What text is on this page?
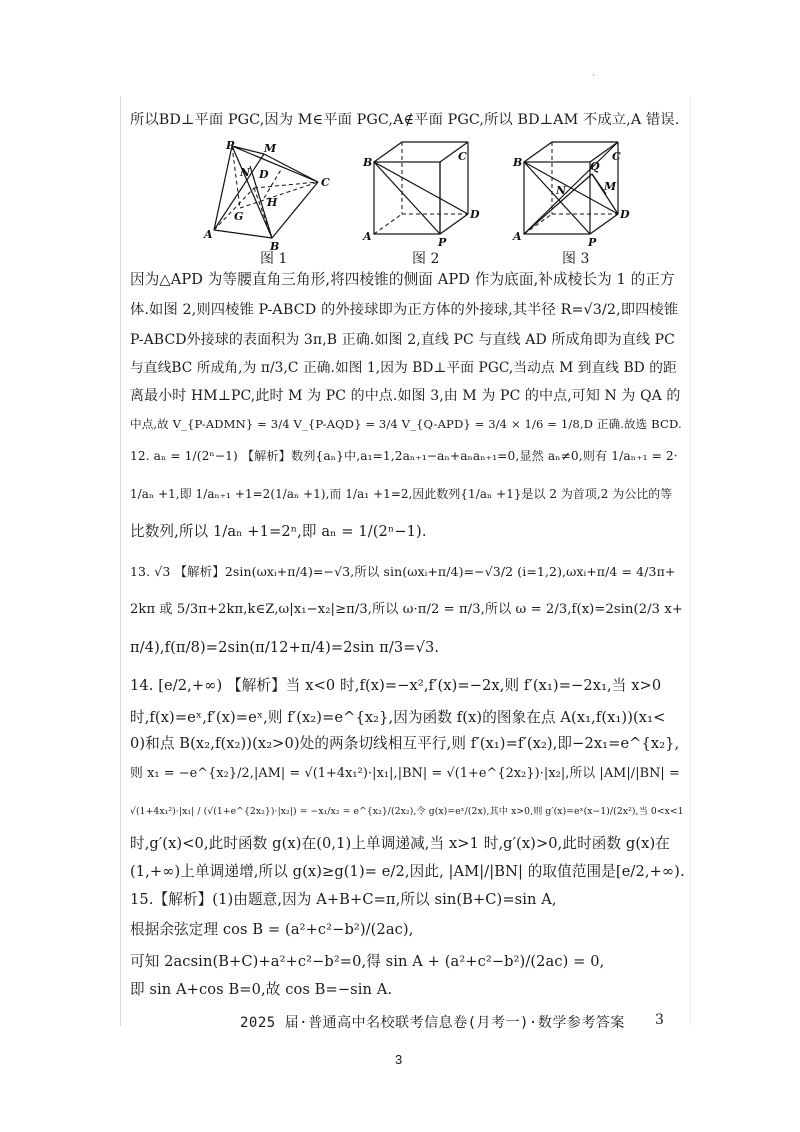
.
所以BD⊥平面 PGC,因为 M∈平面 PGC,A∉平面 PGC,所以 BD⊥AM 不成立,A 错误.
P	M
N D
C
H
G
A
B
图 1
B	C
A
D
P
图 2
B	C
Q
N	M
A
D
P
图 3
因为△APD 为等腰直角三角形,将四棱锥的侧面 APD 作为底面,补成棱长为 1 的正方
体.如图 2,则四棱锥 P-ABCD 的外接球即为正方体的外接球,其半径 R=√3/2,即四棱锥
P-ABCD外接球的表面积为 3π,B 正确.如图 2,直线 PC 与直线 AD 所成角即为直线 PC
与直线BC 所成角,为 π/3,C 正确.如图 1,因为 BD⊥平面 PGC,当动点 M 到直线 BD 的距
离最小时 HM⊥PC,此时 M 为 PC 的中点.如图 3,由 M 为 PC 的中点,可知 N 为 QA 的
中点,故 V_{P-ADMN} = 3/4 V_{P-AQD} = 3/4 V_{Q-APD} = 3/4 × 1/6 = 1/8,D 正确.故选 BCD.
12. aₙ = 1/(2ⁿ−1) 【解析】数列{aₙ}中,a₁=1,2aₙ₊₁−aₙ+aₙaₙ₊₁=0,显然 aₙ≠0,则有 1/aₙ₊₁ = 2·
1/aₙ +1,即 1/aₙ₊₁ +1=2(1/aₙ +1),而 1/a₁ +1=2,因此数列{1/aₙ +1}是以 2 为首项,2 为公比的等
比数列,所以 1/aₙ +1=2ⁿ,即 aₙ = 1/(2ⁿ−1).
13. √3 【解析】2sin(ωxᵢ+π/4)=−√3,所以 sin(ωxᵢ+π/4)=−√3/2 (i=1,2),ωxᵢ+π/4 = 4/3π+
2kπ 或 5/3π+2kπ,k∈Z,ω|x₁−x₂|≥π/3,所以 ω·π/2 = π/3,所以 ω = 2/3,f(x)=2sin(2/3 x+
π/4),f(π/8)=2sin(π/12+π/4)=2sin π/3=√3.
14. [e/2,+∞) 【解析】当 x<0 时,f(x)=−x²,f′(x)=−2x,则 f′(x₁)=−2x₁,当 x>0
时,f(x)=eˣ,f′(x)=eˣ,则 f′(x₂)=e^{x₂},因为函数 f(x)的图象在点 A(x₁,f(x₁))(x₁<
0)和点 B(x₂,f(x₂))(x₂>0)处的两条切线相互平行,则 f′(x₁)=f′(x₂),即−2x₁=e^{x₂},
则 x₁ = −e^{x₂}/2,|AM| = √(1+4x₁²)·|x₁|,|BN| = √(1+e^{2x₂})·|x₂|,所以 |AM|/|BN| =
√(1+4x₁²)·|x₁| / (√(1+e^{2x₂})·|x₂|) = −x₁/x₂ = e^{x₂}/(2x₂),令 g(x)=eˣ/(2x),其中 x>0,则 g′(x)=eˣ(x−1)/(2x²),当 0<x<1
时,g′(x)<0,此时函数 g(x)在(0,1)上单调递减,当 x>1 时,g′(x)>0,此时函数 g(x)在
(1,+∞)上单调递增,所以 g(x)≥g(1)= e/2,因此, |AM|/|BN| 的取值范围是[e/2,+∞).
15.【解析】(1)由题意,因为 A+B+C=π,所以 sin(B+C)=sin A,
根据余弦定理 cos B = (a²+c²−b²)/(2ac),
可知 2acsin(B+C)+a²+c²−b²=0,得 sin A + (a²+c²−b²)/(2ac) = 0,
即 sin A+cos B=0,故 cos B=−sin A.
2025 届·普通高中名校联考信息卷(月考一)·数学参考答案 3
3
